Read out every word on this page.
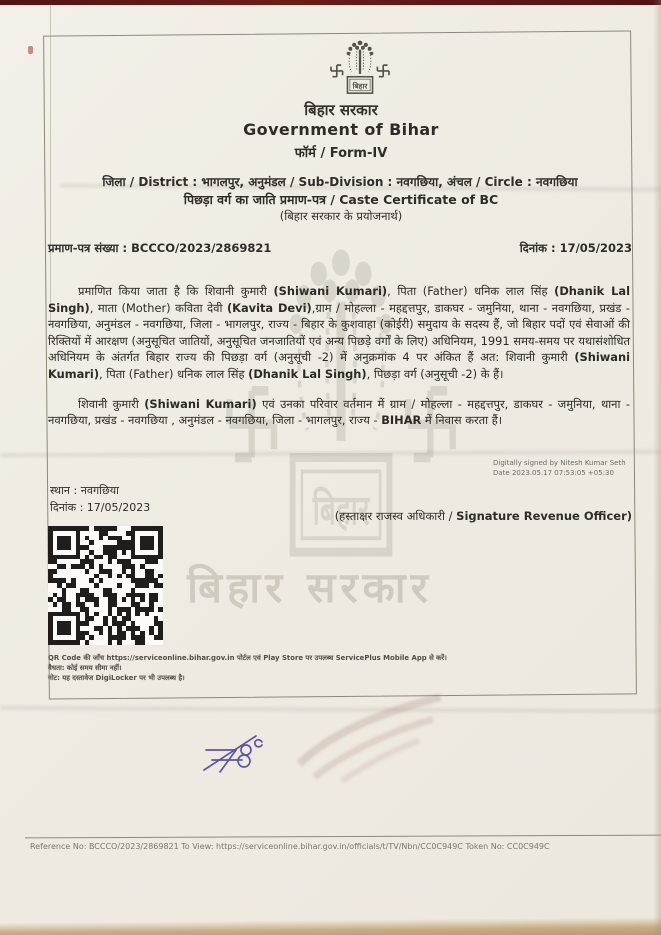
बिहार सरकार
बिहार सरकार
Government of Bihar
फॉर्म / Form-IV
जिला / District : भागलपुर, अनुमंडल / Sub-Division : नवगछिया, अंचल / Circle : नवगछिया
पिछड़ा वर्ग का जाति प्रमाण-पत्र / Caste Certificate of BC
(बिहार सरकार के प्रयोजनार्थ)
प्रमाण-पत्र संख्या : BCCCO/2023/2869821	दिनांक : 17/05/2023

प्रमाणित किया जाता है कि शिवानी कुमारी (Shiwani Kumari), पिता (Father) धनिक लाल सिंह (Dhanik Lal Singh), माता (Mother) कविता देवी (Kavita Devi),ग्राम / मोहल्ला - महद्दत्तपुर, डाकघर - जमुनिया, थाना - नवगछिया, प्रखंड - नवगछिया, अनुमंडल - नवगछिया, जिला - भागलपुर, राज्य - बिहार के कुशवाहा (कोईरी) समुदाय के सदस्य हैं, जो बिहार पदों एवं सेवाओं की रिक्तियों में आरक्षण (अनुसूचित जातियों, अनुसूचित जनजातियों एवं अन्य पिछड़े वर्गों के लिए) अधिनियम, 1991 समय-समय पर यथासंशोधित अधिनियम के अंतर्गत बिहार राज्य की पिछड़ा वर्ग (अनुसूची -2) में अनुक्रमांक 4 पर अंकित हैं अत: शिवानी कुमारी (Shiwani Kumari), पिता (Father) धनिक लाल सिंह (Dhanik Lal Singh), पिछड़ा वर्ग (अनुसूची -2) के हैं।

शिवानी कुमारी (Shiwani Kumari) एवं उनका परिवार वर्तमान में ग्राम / मोहल्ला - महद्दत्तपुर, डाकघर - जमुनिया, थाना - नवगछिया, प्रखंड - नवगछिया , अनुमंडल - नवगछिया, जिला - भागलपुर, राज्य - BIHAR में निवास करता हैं।

Digitally signed by Nitesh Kumar Seth
Date 2023.05.17 07:53:05 +05:30
स्थान : नवगछिया
दिनांक : 17/05/2023
(हस्ताक्षर राजस्व अधिकारी / Signature Revenue Officer)
QR Code की जाँच https://serviceonline.bihar.gov.in पोर्टल एवं Play Store पर उपलब्ध ServicePlus Mobile App से करें।
वैधता: कोई समय सीमा नहीं।
नोट: यह दस्तावेज DigiLocker पर भी उपलब्ध है।
Reference No: BCCCO/2023/2869821 To View: https://serviceonline.bihar.gov.in/officials/t/TV/Nbn/CC0C949C Token No: CC0C949C
